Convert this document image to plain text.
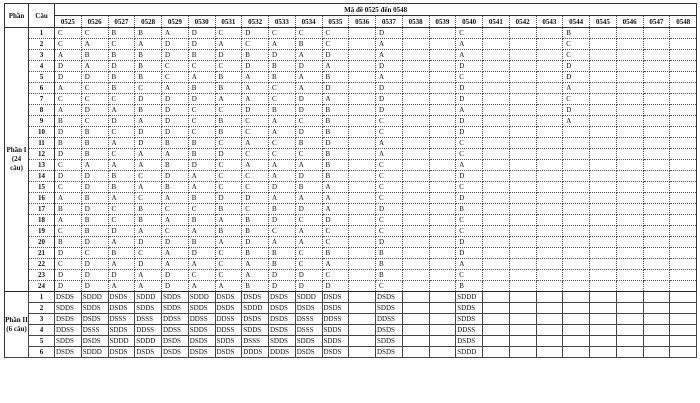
Phần	Câu	Mã đề 0525 đến 0548																							
		0525	0526	0527	0528	0529	0530	0531	0532	0533	0534	0535	0536	0537	0538	0539	0540	0541	0542	0543	0544	0545	0546	0547	0548
Phần I (24 câu)	1	C	C	B	B	A	D	C	D	C	C	C		D			C				B				
	2	C	A	C	A	D	D	A	C	A	B	C		A			A				C				
	3	A	B	B	B	D	B	D	B	D	A	D		A			A				C				
	4	D	A	D	B	C	C	C	D	B	D	A		D			D				D				
	5	D	D	B	B	C	A	B	A	B	A	B		A			C				D				
	6	A	C	B	C	A	B	B	A	C	A	D		D			D				A				
	7	C	C	C	D	D	D	A	A	C	D	A		D			D				C				
	8	A	D	A	B	D	C	C	D	B	D	B		D			A				D				
	9	B	C	D	A	D	C	B	C	A	C	B		C			D				A				
	10	D	B	C	D	D	C	B	C	A	D	B		C			D								
	11	B	B	A	D	B	B	C	A	C	B	D		A			C								
	12	D	B	C	A	A	B	D	C	C	C	B		A			C								
	13	C	A	A	A	B	D	C	A	A	A	B		C			A								
	14	D	D	B	C	D	A	C	C	A	D	B		C			D								
	15	C	D	B	A	B	A	C	C	D	B	A		C			C								
	16	A	B	A	C	A	B	D	D	A	A	A		C			D								
	17	B	D	C	B	C	C	B	C	B	D	A		D			B								
	18	A	B	C	B	A	B	A	B	D	C	D		C			C								
	19	C	B	D	A	C	A	B	B	C	A	C		C			C								
	20	B	D	A	D	D	B	A	D	A	A	C		D			D								
	21	D	C	B	C	A	D	C	B	B	C	B		B			D								
	22	C	D	A	D	A	A	C	A	B	C	A		B			A								
	23	D	D	D	A	D	C	C	A	D	D	C		B			C								
	24	D	D	A	A	D	A	A	B	D	D	D		C			B								
Phần II (6 câu)	1	DSDS	SDDD	DSDS	SDDD	SDDS	SDDD	DSDS	DSDS	DSDS	SDDD	DSDS		DSDS			SDDD								
	2	SDDS	SDDS	DSDS	SDDS	SDDS	SDDS	DSDS	SDDD	DSDS	DSDS	DSDS		SDDS			SDDS								
	3	DSDS	DSDS	DSSS	DSSS	DDSS	DDSS	DDSS	DSDS	DSDS	DSSS	DDSS		DDSS			SDDS								
	4	DDSS	DSSS	SDDS	DDSS	DDSS	SDDS	DDSS	SDDS	DSDS	DSSS	SDDS		DSDS			DDSS								
	5	SDDS	DSDS	SDDD	SDDD	DSDS	DSDS	SDDS	DSSS	SDDS	SDDS	SDDS		SDDS			DSDS								
	6	DSDS	SDDD	DSDS	DSDS	DSDS	DSDS	DSDS	DDDS	DDDS	DSDS	DSDS		DSDS			SDDD								
